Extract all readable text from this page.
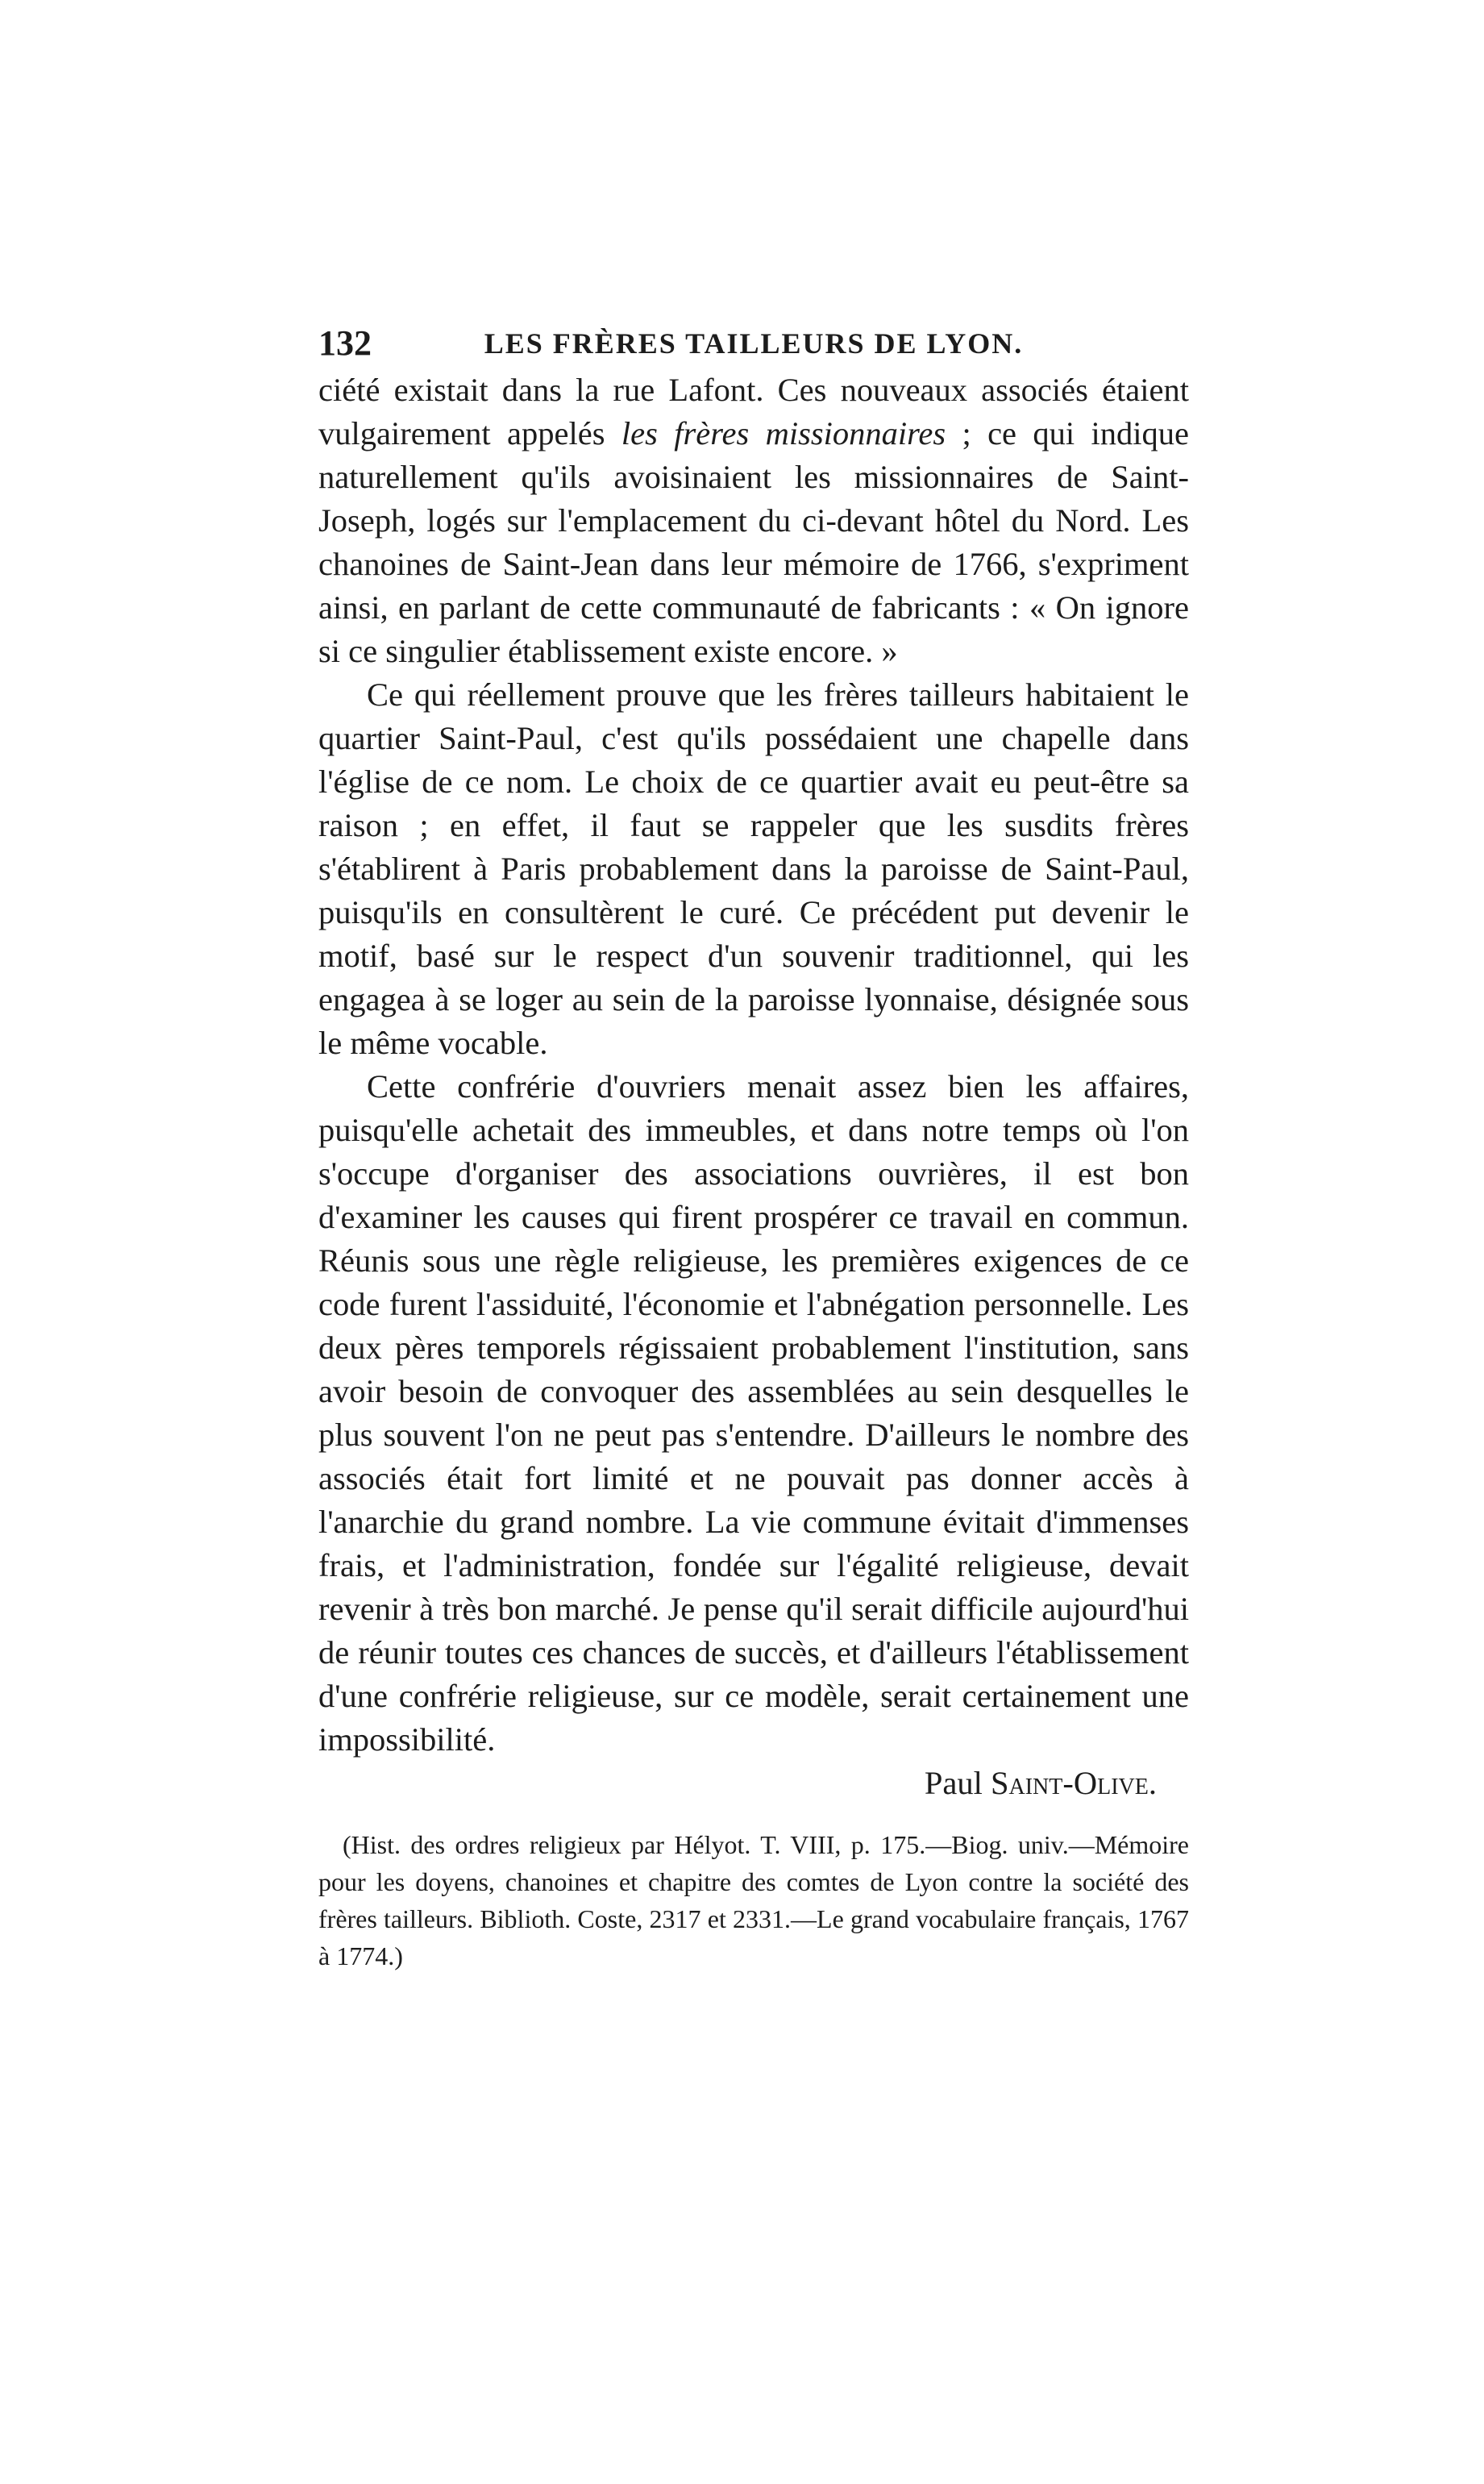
132	LES FRÈRES TAILLEURS DE LYON.

ciété existait dans la rue Lafont. Ces nouveaux associés étaient vulgairement appelés les frères missionnaires ; ce qui indique naturellement qu'ils avoisinaient les missionnaires de Saint-Joseph, logés sur l'emplacement du ci-devant hôtel du Nord. Les chanoines de Saint-Jean dans leur mémoire de 1766, s'expriment ainsi, en parlant de cette communauté de fabricants : « On ignore si ce singulier établissement existe encore. »

Ce qui réellement prouve que les frères tailleurs habitaient le quartier Saint-Paul, c'est qu'ils possédaient une chapelle dans l'église de ce nom. Le choix de ce quartier avait eu peut-être sa raison ; en effet, il faut se rappeler que les susdits frères s'établirent à Paris probablement dans la paroisse de Saint-Paul, puisqu'ils en consultèrent le curé. Ce précédent put devenir le motif, basé sur le respect d'un souvenir traditionnel, qui les engagea à se loger au sein de la paroisse lyonnaise, désignée sous le même vocable.

Cette confrérie d'ouvriers menait assez bien les affaires, puisqu'elle achetait des immeubles, et dans notre temps où l'on s'occupe d'organiser des associations ouvrières, il est bon d'examiner les causes qui firent prospérer ce travail en commun. Réunis sous une règle religieuse, les premières exigences de ce code furent l'assiduité, l'économie et l'abnégation personnelle. Les deux pères temporels régissaient probablement l'institution, sans avoir besoin de convoquer des assemblées au sein desquelles le plus souvent l'on ne peut pas s'entendre. D'ailleurs le nombre des associés était fort limité et ne pouvait pas donner accès à l'anarchie du grand nombre. La vie commune évitait d'immenses frais, et l'administration, fondée sur l'égalité religieuse, devait revenir à très bon marché. Je pense qu'il serait difficile aujourd'hui de réunir toutes ces chances de succès, et d'ailleurs l'établissement d'une confrérie religieuse, sur ce modèle, serait certainement une impossibilité.

Paul Saint-Olive.

(Hist. des ordres religieux par Hélyot. T. VIII, p. 175.—Biog. univ.—Mémoire pour les doyens, chanoines et chapitre des comtes de Lyon contre la société des frères tailleurs. Biblioth. Coste, 2317 et 2331.—Le grand vocabulaire français, 1767 à 1774.)
